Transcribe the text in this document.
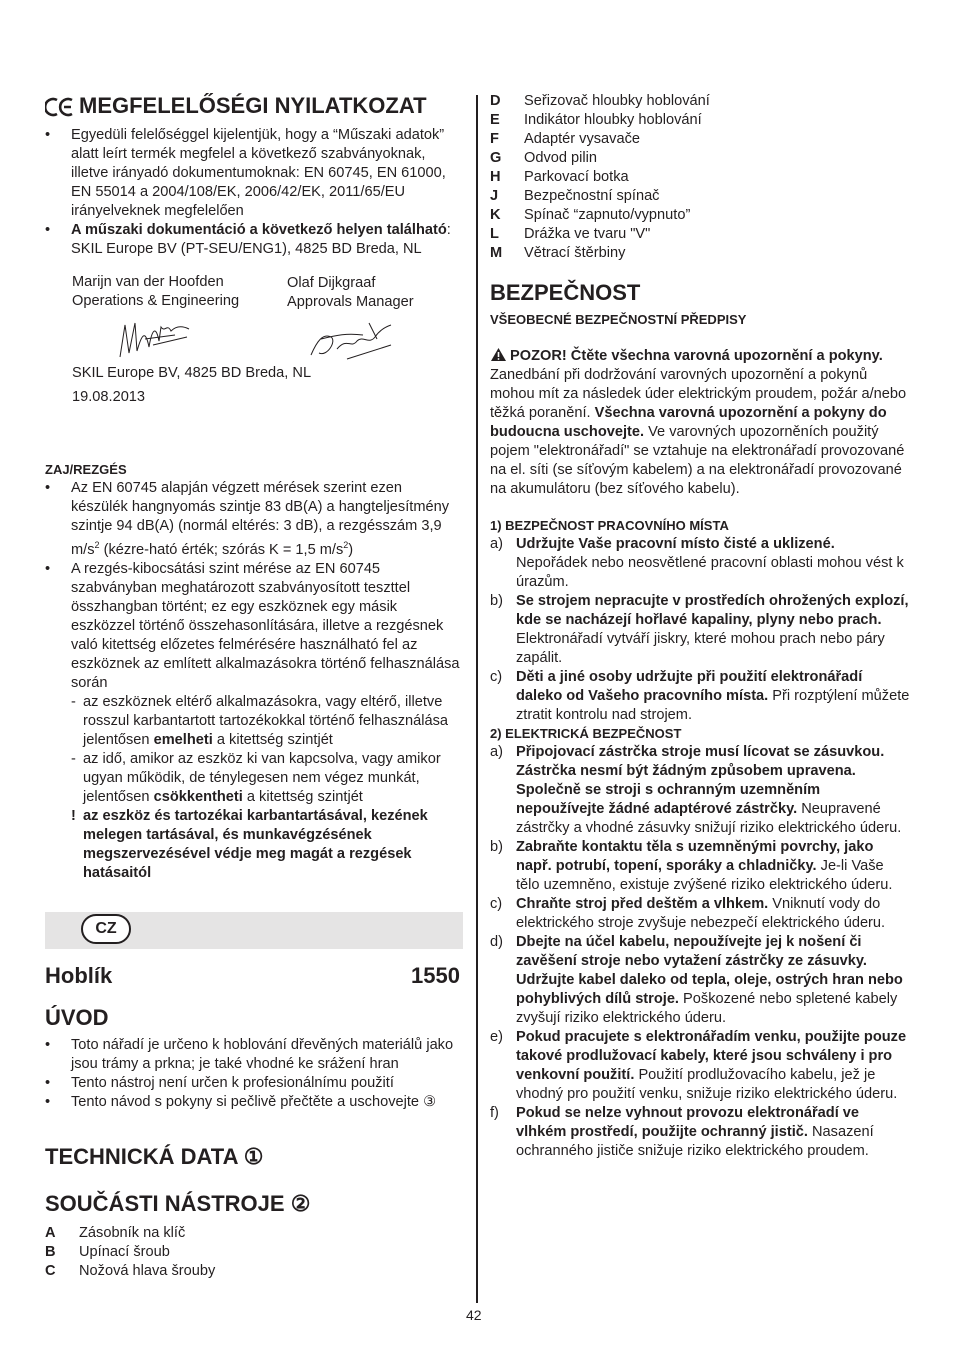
MEGFELELŐSÉGI NYILATKOZAT
•	Egyedüli felelőséggel kijelentjük, hogy a “Műszaki adatok” alatt leírt termék megfelel a következő szabványoknak, illetve irányadó dokumentumoknak: EN 60745, EN 61000, EN 55014 a 2004/108/EK, 2006/42/EK, 2011/65/EU irányelveknek megfelelően
•	A műszaki dokumentáció a következő helyen található: SKIL Europe BV (PT-SEU/ENG1), 4825 BD Breda, NL
Marijn van der Hoofden
Operations & Engineering
Olaf Dijkgraaf
Approvals Manager
SKIL Europe BV, 4825 BD Breda, NL
19.08.2013
ZAJ/REZGÉS
•	Az EN 60745 alapján végzett mérések szerint ezen készülék hangnyomás szintje 83 dB(A) a hangteljesítmény szintje 94 dB(A) (normál eltérés: 3 dB), a rezgésszám 3,9 $m/s^2$ (kézre-ható érték; szórás K = 1,5 $m/s^2$)
•	A rezgés-kibocsátási szint mérése az EN 60745 szabványban meghatározott szabványosított teszttel összhangban történt; ez egy eszköznek egy másik eszközzel történő összehasonlítására, illetve a rezgésnek való kitettség előzetes felmérésére használható fel az eszköznek az említett alkalmazásokra történő felhasználása során
- az eszköznek eltérő alkalmazásokra, vagy eltérő, illetve rosszul karbantartott tartozékokkal történő felhasználása jelentősen emelheti a kitettség szintjét
- az idő, amikor az eszköz ki van kapcsolva, vagy amikor ugyan működik, de ténylegesen nem végez munkát, jelentősen csökkentheti a kitettség szintjét
! az eszköz és tartozékai karbantartásával, kezének melegen tartásával, és munkavégzésének megszervezésével védje meg magát a rezgések hatásaitól
CZ
Hoblík	1550
ÚVOD
•	Toto nářadí je určeno k hoblování dřevěných materiálů jako jsou trámy a prkna; je také vhodné ke srážení hran
•	Tento nástroj není určen k profesionálnímu použití
•	Tento návod s pokyny si pečlivě přečtěte a uschovejte ③
TECHNICKÁ DATA ①
SOUČÁSTI NÁSTROJE ②
A	Zásobník na klíč
B	Upínací šroub
C	Nožová hlava šrouby
D	Seřizovač hloubky hoblování
E	Indikátor hloubky hoblování
F	Adaptér vysavače
G	Odvod pilin
H	Parkovací botka
J	Bezpečnostní spínač
K	Spínač “zapnuto/vypnuto”
L	Drážka ve tvaru "V"
M	Větrací štěrbiny
BEZPEČNOST
VŠEOBECNÉ BEZPEČNOSTNÍ PŘEDPISY
POZOR! Čtěte všechna varovná upozornění a pokyny. Zanedbání při dodržování varovných upozornění a pokynů mohou mít za následek úder elektrickým proudem, požár a/nebo těžká poranění. Všechna varovná upozornění a pokyny do budoucna uschovejte. Ve varovných upozorněních použitý pojem "elektronářadí" se vztahuje na elektronářadí provozované na el. síti (se síťovým kabelem) a na elektronářadí provozované na akumulátoru (bez síťového kabelu).
1) BEZPEČNOST PRACOVNÍHO MÍSTA
a) Udržujte Vaše pracovní místo čisté a uklizené. Nepořádek nebo neosvětlené pracovní oblasti mohou vést k úrazům.
b) Se strojem nepracujte v prostředích ohrožených explozí, kde se nacházejí hořlavé kapaliny, plyny nebo prach. Elektronářadí vytváří jiskry, které mohou prach nebo páry zapálit.
c) Děti a jiné osoby udržujte při použití elektronářadí daleko od Vašeho pracovního místa. Při rozptýlení můžete ztratit kontrolu nad strojem.
2) ELEKTRICKÁ BEZPEČNOST
a) Připojovací zástrčka stroje musí lícovat se zásuvkou. Zástrčka nesmí být žádným způsobem upravena. Společně se stroji s ochranným uzemněním nepoužívejte žádné adaptérové zástrčky. Neupravené zástrčky a vhodné zásuvky snižují riziko elektrického úderu.
b) Zabraňte kontaktu těla s uzemněnými povrchy, jako např. potrubí, topení, sporáky a chladničky. Je-li Vaše tělo uzemněno, existuje zvýšené riziko elektrického úderu.
c) Chraňte stroj před deštěm a vlhkem. Vniknutí vody do elektrického stroje zvyšuje nebezpečí elektrického úderu.
d) Dbejte na účel kabelu, nepoužívejte jej k nošení či zavěšení stroje nebo vytažení zástrčky ze zásuvky. Udržujte kabel daleko od tepla, oleje, ostrých hran nebo pohyblivých dílů stroje. Poškozené nebo spletené kabely zvyšují riziko elektrického úderu.
e) Pokud pracujete s elektronářadím venku, použijte pouze takové prodlužovací kabely, které jsou schváleny i pro venkovní použití. Použití prodlužovacího kabelu, jež je vhodný pro použití venku, snižuje riziko elektrického úderu.
f)	Pokud se nelze vyhnout provozu elektronářadí ve vlhkém prostředí, použijte ochranný jistič. Nasazení ochranného jističe snižuje riziko elektrického proudem.
42
